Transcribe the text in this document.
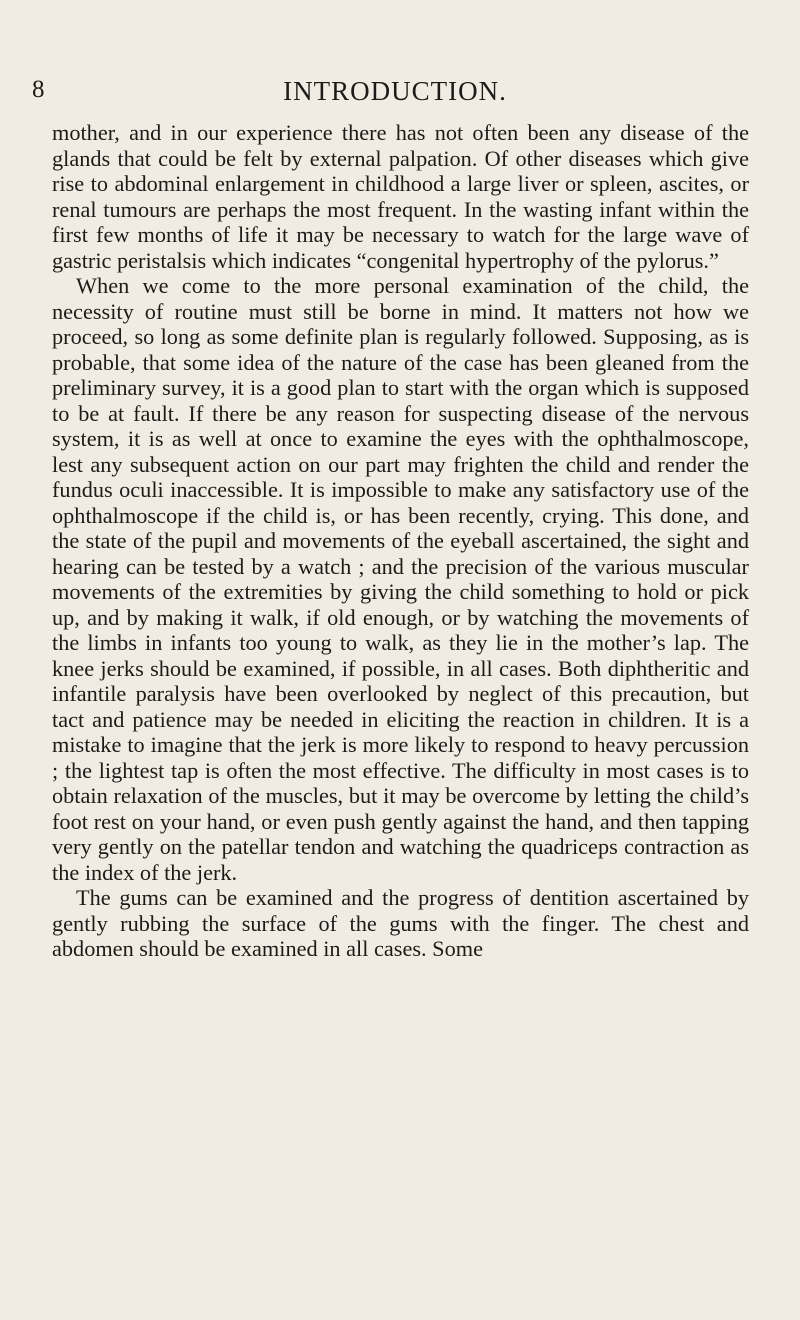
8	INTRODUCTION.

mother, and in our experience there has not often been any disease of the glands that could be felt by external palpation. Of other diseases which give rise to abdominal enlargement in childhood a large liver or spleen, ascites, or renal tumours are perhaps the most frequent. In the wasting infant within the first few months of life it may be necessary to watch for the large wave of gastric peristalsis which indicates “congenital hypertrophy of the pylorus.”

When we come to the more personal examination of the child, the necessity of routine must still be borne in mind. It matters not how we proceed, so long as some definite plan is regularly followed. Supposing, as is probable, that some idea of the nature of the case has been gleaned from the preliminary survey, it is a good plan to start with the organ which is supposed to be at fault. If there be any reason for suspecting disease of the nervous system, it is as well at once to examine the eyes with the ophthalmoscope, lest any subsequent action on our part may frighten the child and render the fundus oculi inaccessible. It is impossible to make any satisfactory use of the ophthalmoscope if the child is, or has been recently, crying. This done, and the state of the pupil and movements of the eyeball ascertained, the sight and hearing can be tested by a watch ; and the precision of the various muscular movements of the extremities by giving the child something to hold or pick up, and by making it walk, if old enough, or by watching the movements of the limbs in infants too young to walk, as they lie in the mother’s lap. The knee jerks should be examined, if possible, in all cases. Both diphtheritic and infantile paralysis have been overlooked by neglect of this precaution, but tact and patience may be needed in eliciting the reaction in children. It is a mistake to imagine that the jerk is more likely to respond to heavy percussion ; the lightest tap is often the most effective. The difficulty in most cases is to obtain relaxation of the muscles, but it may be overcome by letting the child’s foot rest on your hand, or even push gently against the hand, and then tapping very gently on the patellar tendon and watching the quadriceps contraction as the index of the jerk.

The gums can be examined and the progress of dentition ascertained by gently rubbing the surface of the gums with the finger. The chest and abdomen should be examined in all cases. Some
